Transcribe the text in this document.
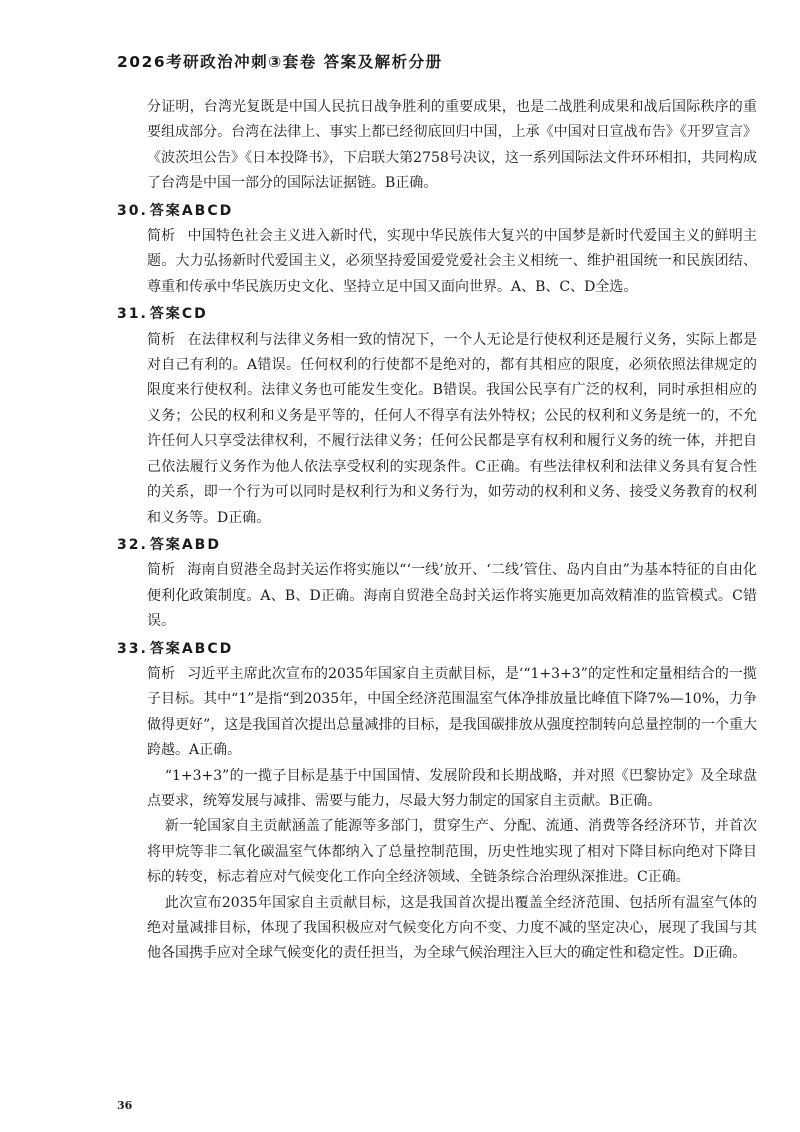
2026考研政治冲刺③套卷 答案及解析分册

分证明，台湾光复既是中国人民抗日战争胜利的重要成果，也是二战胜利成果和战后国际秩序的重要组成部分。台湾在法律上、事实上都已经彻底回归中国，上承《中国对日宣战布告》《开罗宣言》《波茨坦公告》《日本投降书》，下启联大第2758号决议，这一系列国际法文件环环相扣，共同构成了台湾是中国一部分的国际法证据链。B正确。

30. 答案ABCD

简析 中国特色社会主义进入新时代，实现中华民族伟大复兴的中国梦是新时代爱国主义的鲜明主题。大力弘扬新时代爱国主义，必须坚持爱国爱党爱社会主义相统一、维护祖国统一和民族团结、尊重和传承中华民族历史文化、坚持立足中国又面向世界。A、B、C、D全选。

31. 答案CD

简析 在法律权利与法律义务相一致的情况下，一个人无论是行使权利还是履行义务，实际上都是对自己有利的。A错误。任何权利的行使都不是绝对的，都有其相应的限度，必须依照法律规定的限度来行使权利。法律义务也可能发生变化。B错误。我国公民享有广泛的权利，同时承担相应的义务；公民的权利和义务是平等的，任何人不得享有法外特权；公民的权利和义务是统一的，不允许任何人只享受法律权利，不履行法律义务；任何公民都是享有权利和履行义务的统一体，并把自己依法履行义务作为他人依法享受权利的实现条件。C正确。有些法律权利和法律义务具有复合性的关系，即一个行为可以同时是权利行为和义务行为，如劳动的权利和义务、接受义务教育的权利和义务等。D正确。

32. 答案ABD

简析 海南自贸港全岛封关运作将实施以“‘一线’放开、‘二线’管住、岛内自由”为基本特征的自由化便利化政策制度。A、B、D正确。海南自贸港全岛封关运作将实施更加高效精准的监管模式。C错误。

33. 答案ABCD

简析 习近平主席此次宣布的2035年国家自主贡献目标，是‘“1+3+3”的定性和定量相结合的一揽子目标。其中“1”是指“到2035年，中国全经济范围温室气体净排放量比峰值下降7%—10%，力争做得更好”，这是我国首次提出总量减排的目标，是我国碳排放从强度控制转向总量控制的一个重大跨越。A正确。

“1+3+3”的一揽子目标是基于中国国情、发展阶段和长期战略，并对照《巴黎协定》及全球盘点要求，统筹发展与减排、需要与能力，尽最大努力制定的国家自主贡献。B正确。

新一轮国家自主贡献涵盖了能源等多部门，贯穿生产、分配、流通、消费等各经济环节，并首次将甲烷等非二氧化碳温室气体都纳入了总量控制范围，历史性地实现了相对下降目标向绝对下降目标的转变，标志着应对气候变化工作向全经济领域、全链条综合治理纵深推进。C正确。

此次宣布2035年国家自主贡献目标，这是我国首次提出覆盖全经济范围、包括所有温室气体的绝对量减排目标，体现了我国积极应对气候变化方向不变、力度不减的坚定决心，展现了我国与其他各国携手应对全球气候变化的责任担当，为全球气候治理注入巨大的确定性和稳定性。D正确。

36
